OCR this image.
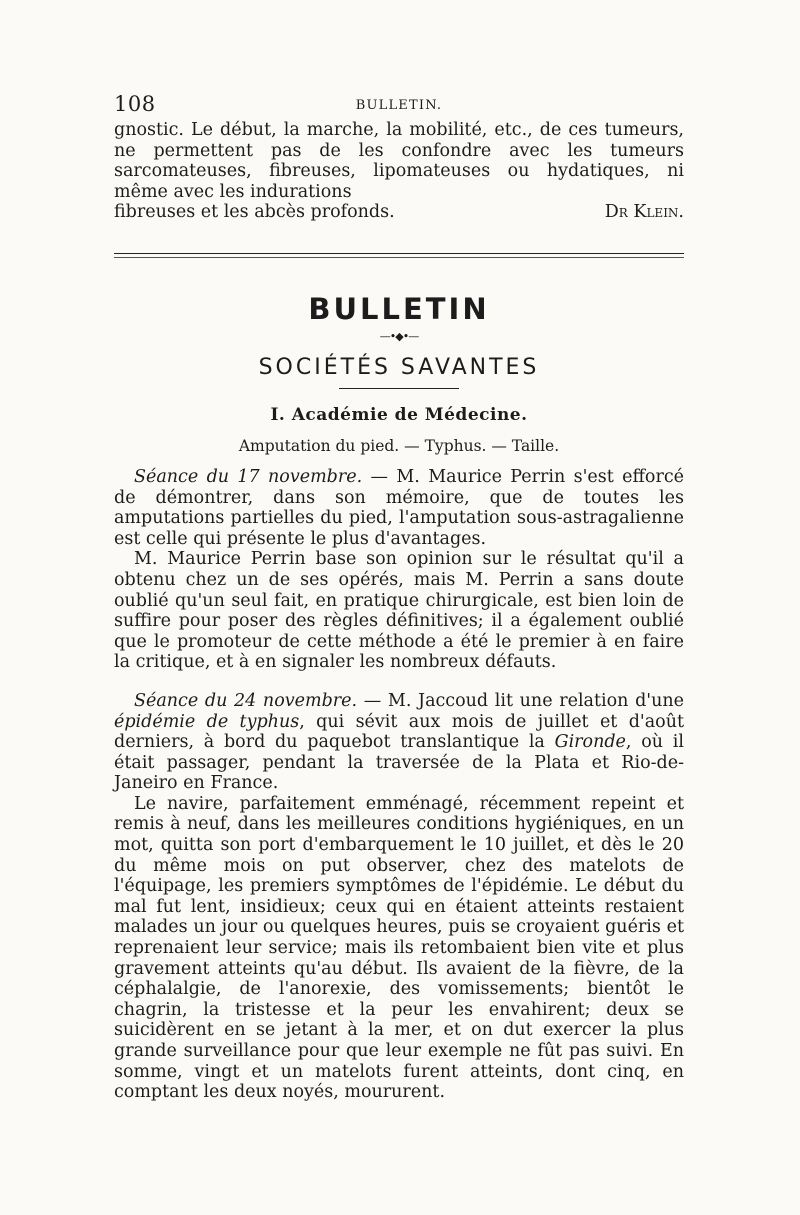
108	BULLETIN.

gnostic. Le début, la marche, la mobilité, etc., de ces tumeurs, ne permettent pas de les confondre avec les tumeurs sarcomateuses, fibreuses, lipomateuses ou hydatiques, ni même avec les indurations

fibreuses et les abcès profonds.	Dr Klein.

BULLETIN
—•◆•—
SOCIÉTÉS SAVANTES
I. Académie de Médecine.
Amputation du pied. — Typhus. — Taille.

Séance du 17 novembre. — M. Maurice Perrin s'est efforcé de démontrer, dans son mémoire, que de toutes les amputations partielles du pied, l'amputation sous-astragalienne est celle qui présente le plus d'avantages.

M. Maurice Perrin base son opinion sur le résultat qu'il a obtenu chez un de ses opérés, mais M. Perrin a sans doute oublié qu'un seul fait, en pratique chirurgicale, est bien loin de suffire pour poser des règles définitives; il a également oublié que le promoteur de cette méthode a été le premier à en faire la critique, et à en signaler les nombreux défauts.

Séance du 24 novembre. — M. Jaccoud lit une relation d'une épidémie de typhus, qui sévit aux mois de juillet et d'août derniers, à bord du paquebot translantique la Gironde, où il était passager, pendant la traversée de la Plata et Rio-de-Janeiro en France.

Le navire, parfaitement emménagé, récemment repeint et remis à neuf, dans les meilleures conditions hygiéniques, en un mot, quitta son port d'embarquement le 10 juillet, et dès le 20 du même mois on put observer, chez des matelots de l'équipage, les premiers symptômes de l'épidémie. Le début du mal fut lent, insidieux; ceux qui en étaient atteints restaient malades un jour ou quelques heures, puis se croyaient guéris et reprenaient leur service; mais ils retombaient bien vite et plus gravement atteints qu'au début. Ils avaient de la fièvre, de la céphalalgie, de l'anorexie, des vomissements; bientôt le chagrin, la tristesse et la peur les envahirent; deux se suicidèrent en se jetant à la mer, et on dut exercer la plus grande surveillance pour que leur exemple ne fût pas suivi. En somme, vingt et un matelots furent atteints, dont cinq, en comptant les deux noyés, moururent.
